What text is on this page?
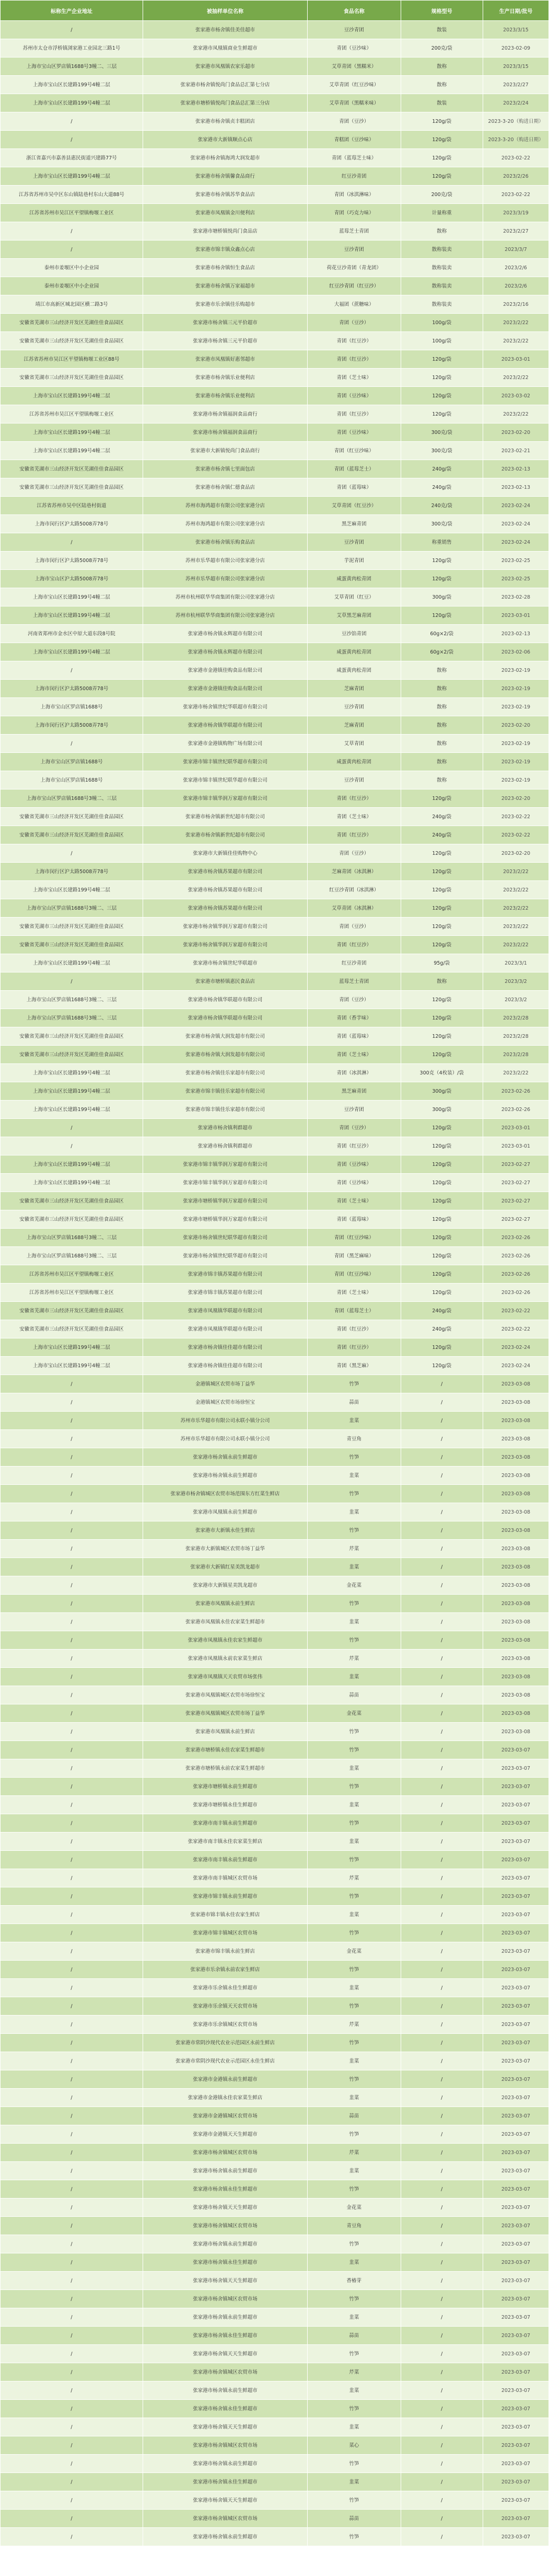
标称生产企业地址	被抽样单位名称	食品名称	规格型号	生产日期/批号
/	张家港市杨舍镇佳美佳超市	豆沙青团	散装	2023/3/15
苏州市太仓市浮桥镇浏家港工业园北三路1号	张家港市凤凰镇商业生鲜超市	青团（豆沙味）	200克/袋	2023-02-09
上海市宝山区罗店镇1688号3幢二、三层	张家港市凤凰镇农家乐超市	艾草青团（黑糯米）	散称	2023/3/15
上海市宝山区长建路199号4幢二层	张家港市杨舍镇悦尚门食品总汇第七分店	艾草青团（红豆沙味）	散称	2023/2/27
上海市宝山区长建路199号4幢二层	张家港市塘桥镇悦尚门食品总汇第三分店	艾草青团（黑糯米味）	散装	2023/2/24
/	张家港市杨舍镇贞丰糕团店	青团（豆沙）	120g/袋	2023-3-20（购进日期）
/	张家港市大新镇顺点心店	青糕团（豆沙味）	120g/袋	2023-3-20（购进日期）
浙江省嘉兴市嘉善县惠民街道兴建路77号	张家港市杨舍镇海鸿大润发超市	青团（蓝莓芝士味）	120g/袋	2023-02-22
上海市宝山区长建路199号4幢二层	张家港市杨舍镇馨食品商行	红豆沙青团	120g/袋	2023/2/26
江苏省苏州市吴中区东山镇陆巷村东山大道88号	张家港市杨舍镇苏华食品店	青团（冰淇淋味）	200克/袋	2023-02-22
江苏省苏州市吴江区平望镇梅堰工业区	张家港市凤凰镇金川便利店	青团（巧克力味）	计量称重	2023/3/19
/	张家港市塘桥镇悦尚门食品店	蓝莓芝士青团	散称	2023/2/27
/	张家港市锦丰镇众鑫点心店	豆沙青团	散称装卖	2023/3/7
泰州市姜堰区中小企业园	张家港市杨舍镇恒生食品店	荷花豆沙青团（青龙团）	散称装卖	2023/2/6
泰州市姜堰区中小企业园	张家港市杨舍镇万家福超市	红豆沙青团（红豆沙）	散称装卖	2023/2/6
靖江市高新区城北园区横二路3号	张家港市乐余镇佳乐购超市	大福团（蔗糖味）	散称装卖	2023/2/16
安徽省芜湖市三山经济开发区芜湖佳佳食品园区	张家港市杨舍镇三元平价超市	青团（豆沙）	100g/袋	2023/2/22
安徽省芜湖市三山经济开发区芜湖佳佳食品园区	张家港市杨舍镇三元平价超市	青团（红豆沙）	100g/袋	2023/2/22
江苏省苏州市吴江区平望镇梅堰工业区88号	张家港市凤凰镇好惠邻超市	青团（红豆沙）	120g/袋	2023-03-01
安徽省芜湖市三山经济开发区芜湖佳佳食品园区	张家港市杨舍镇乐业便利店	青团（芝士味）	120g/袋	2023/2/22
上海市宝山区长建路199号4幢二层	张家港市杨舍镇乐业便利店	青团（豆沙味）	120g/袋	2023-03-02
江苏省苏州市吴江区平望镇梅堰工业区	张家港市杨舍镇福润食品商行	青团（红豆沙）	120g/袋	2023/2/22
上海市宝山区长建路199号4幢二层	张家港市杨舍镇福润食品商行	青团（豆沙味）	300克/袋	2023-02-20
上海市宝山区长建路199号4幢二层	张家港市大新镇悦尚门食品商行	青团（红豆沙味）	300克/袋	2023-02-21
安徽省芜湖市三山经济开发区芜湖佳佳食品园区	张家港市杨舍镇七里面包店	青团（蓝莓芝士）	240g/袋	2023-02-13
安徽省芜湖市三山经济开发区芜湖佳佳食品园区	张家港市杨舍镇仁德食品店	青团（蓝莓味）	240g/袋	2023-02-13
江苏省苏州市吴中区陆巷村街道	苏州市海鸿超市有限公司张家港分店	艾草青团（红豆沙）	240克/袋	2023-02-24
上海市闵行区沪太路5008弄78号	苏州市海鸿超市有限公司张家港分店	黑芝麻青团	300克/袋	2023-02-24
/	张家港市杨舍镇乐购食品店	豆沙青团	称重销售	2023-02-24
上海市闵行区沪太路5008弄78号	苏州市乐华超市有限公司张家港分店	芋泥青团	120g/袋	2023-02-25
上海市宝山区沪太路5008弄78号	苏州市乐华超市有限公司张家港分店	咸蛋黄肉松青团	120g/袋	2023-02-25
上海市宝山区长建路199号4幢二层	苏州市杭州联华华商集团有限公司张家港分店	艾草青团（红豆）	300g/袋	2023-02-28
上海市宝山区长建路199号4幢二层	苏州市杭州联华华商集团有限公司张家港分店	艾草黑芝麻青团	120g/袋	2023-03-01
河南省郑州市金水区中原大道东段8号院	张家港市杨舍镇永辉超市有限公司	豆沙馅青团	60g×2/袋	2023-02-13
上海市宝山区长建路199号4幢二层	张家港市杨舍镇永辉超市有限公司	咸蛋黄肉松青团	60g×2/袋	2023-02-06
/	张家港市金港镇佳购食品有限公司	咸蛋黄肉松青团	散称	2023-02-19
上海市闵行区沪太路5008弄78号	张家港市金港镇佳购食品有限公司	芝麻青团	散称	2023-02-19
上海市宝山区罗店镇1688号	张家港市杨舍镇世纪华联超市有限公司	豆沙青团	散称	2023-02-19
上海市闵行区沪太路5008弄78号	张家港市杨舍镇华联超市有限公司	芝麻青团	散称	2023-02-20
/	张家港市金港镇购物广场有限公司	艾草青团	散称	2023-02-19
上海市宝山区罗店镇1688号	张家港市锦丰镇世纪联华超市有限公司	咸蛋黄肉松青团	散称	2023-02-19
上海市宝山区罗店镇1688号	张家港市锦丰镇世纪联华超市有限公司	豆沙青团	散称	2023-02-19
上海市宝山区罗店镇1688号3幢二、三层	张家港市锦丰镇华润万家超市有限公司	青团（红豆沙）	120g/袋	2023-02-20
安徽省芜湖市三山经济开发区芜湖佳佳食品园区	张家港市杨舍镇新世纪超市有限公司	青团（芝士味）	240g/袋	2023-02-22
安徽省芜湖市三山经济开发区芜湖佳佳食品园区	张家港市杨舍镇新世纪超市有限公司	青团（红豆沙）	240g/袋	2023-02-22
/	张家港市大新镇佳佳购物中心	青团（豆沙）	120g/袋	2023-02-20
上海市闵行区沪太路5008弄78号	张家港市杨舍镇苏果超市有限公司	芝麻青团（冰淇淋）	120g/袋	2023/2/22
上海市宝山区长建路199号4幢二层	张家港市杨舍镇苏果超市有限公司	红豆沙青团（冰淇淋）	120g/袋	2023/2/22
上海市宝山区罗店镇1688号3幢二、三层	张家港市杨舍镇苏果超市有限公司	艾草青团（冰淇淋）	120g/袋	2023/2/22
安徽省芜湖市三山经济开发区芜湖佳佳食品园区	张家港市杨舍镇华润万家超市有限公司	青团（豆沙）	120g/袋	2023/2/22
安徽省芜湖市三山经济开发区芜湖佳佳食品园区	张家港市杨舍镇华润万家超市有限公司	青团（红豆沙）	120g/袋	2023/2/22
上海市宝山区长建路199号4幢二层	张家港市杨舍镇世纪华联超市	红豆沙青团	95g/袋	2023/3/1
/	张家港市塘桥镇惠民食品店	蓝莓芝士青团	散称	2023/3/2
上海市宝山区罗店镇1688号3幢二、三层	张家港市杨舍镇华联超市有限公司	青团（豆沙）	120g/袋	2023/3/2
上海市宝山区罗店镇1688号3幢二、三层	张家港市杨舍镇华联超市有限公司	青团（香芋味）	120g/袋	2023/2/28
安徽省芜湖市三山经济开发区芜湖佳佳食品园区	张家港市杨舍镇大润发超市有限公司	青团（蓝莓味）	120g/袋	2023/2/28
安徽省芜湖市三山经济开发区芜湖佳佳食品园区	张家港市杨舍镇大润发超市有限公司	青团（芝士味）	120g/袋	2023/2/28
上海市宝山区长建路199号4幢二层	张家港市杨舍镇佳乐家超市有限公司	青团（冰淇淋）	300克（4枚装）/袋	2023/2/22
上海市宝山区长建路199号4幢二层	张家港市锦丰镇佳乐家超市有限公司	黑芝麻青团	300g/袋	2023-02-26
上海市宝山区长建路199号4幢二层	张家港市锦丰镇佳乐家超市有限公司	豆沙青团	300g/袋	2023-02-26
/	张家港市杨舍镇利群超市	青团（豆沙）	120g/袋	2023-03-01
/	张家港市杨舍镇利群超市	青团（红豆沙）	120g/袋	2023-03-01
上海市宝山区长建路199号4幢二层	张家港市锦丰镇华润万家超市有限公司	青团（豆沙味）	120g/袋	2023-02-27
上海市宝山区长建路199号4幢二层	张家港市锦丰镇华润万家超市有限公司	青团（豆沙味）	120g/袋	2023-02-27
安徽省芜湖市三山经济开发区芜湖佳佳食品园区	张家港市塘桥镇华润万家超市有限公司	青团（芝士味）	120g/袋	2023-02-27
安徽省芜湖市三山经济开发区芜湖佳佳食品园区	张家港市塘桥镇华润万家超市有限公司	青团（蓝莓味）	120g/袋	2023-02-27
上海市宝山区罗店镇1688号3幢二、三层	张家港市杨舍镇世纪联华超市有限公司	青团（红豆沙味）	120g/袋	2023-02-26
上海市宝山区罗店镇1688号3幢二、三层	张家港市杨舍镇世纪联华超市有限公司	青团（黑芝麻味）	120g/袋	2023-02-26
江苏省苏州市吴江区平望镇梅堰工业区	张家港市锦丰镇苏果超市有限公司	青团（红豆沙味）	120g/袋	2023-02-26
江苏省苏州市吴江区平望镇梅堰工业区	张家港市锦丰镇苏果超市有限公司	青团（芝士味）	120g/袋	2023-02-26
安徽省芜湖市三山经济开发区芜湖佳佳食品园区	张家港市凤凰镇华联超市有限公司	青团（蓝莓芝士）	240g/袋	2023-02-22
安徽省芜湖市三山经济开发区芜湖佳佳食品园区	张家港市凤凰镇华联超市有限公司	青团（红豆沙）	240g/袋	2023-02-22
上海市宝山区长建路199号4幢二层	张家港市杨舍镇佳佳超市有限公司	青团（红豆沙）	120g/袋	2023-02-24
上海市宝山区长建路199号4幢二层	张家港市杨舍镇佳佳超市有限公司	青团（黑芝麻）	120g/袋	2023-02-24
/	金港镇城区农贸市场丁益华	竹笋	/	2023-03-08
/	金港镇城区农贸市场徐恒宝	蒜苗	/	2023-03-08
/	苏州市乐华超市有限公司永联小镇分公司	韭菜	/	2023-03-08
/	苏州市乐华超市有限公司永联小镇分公司	青豆角	/	2023-03-08
/	张家港市杨舍镇永前生鲜超市	竹笋	/	2023-03-08
/	张家港市杨舍镇永前生鲜超市	韭菜	/	2023-03-08
/	张家港市杨舍镇城区农贸市场范围东方红菜生鲜店	竹笋	/	2023-03-08
/	张家港市凤凰镇永前生鲜超市	韭菜	/	2023-03-08
/	张家港市大新镇永佳生鲜店	竹笋	/	2023-03-08
/	张家港市大新镇城区农贸市场丁益华	芹菜	/	2023-03-08
/	张家港市大新镇红星美凯龙超市	韭菜	/	2023-03-08
/	张家港市大新镇星美凯龙超市	金花菜	/	2023-03-08
/	张家港市凤凰镇永前生鲜店	竹笋	/	2023-03-08
/	张家港市凤凰镇永佳农家菜生鲜超市	韭菜	/	2023-03-08
/	张家港市凤凰镇永佳农家生鲜超市	竹笋	/	2023-03-08
/	张家港市凤凰镇永前农家菜生鲜店	芹菜	/	2023-03-08
/	张家港市凤凰镇天天农贸市场张伟	韭菜	/	2023-03-08
/	张家港市凤凰镇城区农贸市场徐恒宝	蒜苗	/	2023-03-08
/	张家港市凤凰镇城区农贸市场丁益华	金花菜	/	2023-03-08
/	张家港市凤凰镇永前生鲜店	竹笋	/	2023-03-08
/	张家港市塘桥镇永佳农家菜生鲜超市	竹笋	/	2023-03-07
/	张家港市塘桥镇永前农家菜生鲜超市	韭菜	/	2023-03-07
/	张家港市塘桥镇永前生鲜超市	竹笋	/	2023-03-07
/	张家港市塘桥镇永佳生鲜超市	韭菜	/	2023-03-07
/	张家港市南丰镇永前生鲜超市	竹笋	/	2023-03-07
/	张家港市南丰镇永佳农家菜生鲜店	韭菜	/	2023-03-07
/	张家港市南丰镇永前生鲜超市	竹笋	/	2023-03-07
/	张家港市南丰镇城区农贸市场	芹菜	/	2023-03-07
/	张家港市锦丰镇永前生鲜超市	竹笋	/	2023-03-07
/	张家港市锦丰镇永佳农家生鲜店	韭菜	/	2023-03-07
/	张家港市锦丰镇城区农贸市场	竹笋	/	2023-03-07
/	张家港市锦丰镇永前生鲜店	金花菜	/	2023-03-07
/	张家港市乐余镇永前农家生鲜店	竹笋	/	2023-03-07
/	张家港市乐余镇永佳生鲜超市	韭菜	/	2023-03-07
/	张家港市乐余镇天天农贸市场	竹笋	/	2023-03-07
/	张家港市乐余镇城区农贸市场	芹菜	/	2023-03-07
/	张家港市常阴沙现代农业示范园区永前生鲜店	竹笋	/	2023-03-07
/	张家港市常阴沙现代农业示范园区永佳生鲜店	韭菜	/	2023-03-07
/	张家港市金港镇永前生鲜超市	竹笋	/	2023-03-07
/	张家港市金港镇永佳农家菜生鲜店	韭菜	/	2023-03-07
/	张家港市金港镇城区农贸市场	蒜苗	/	2023-03-07
/	张家港市金港镇天天生鲜超市	竹笋	/	2023-03-07
/	张家港市杨舍镇城区农贸市场	芹菜	/	2023-03-07
/	张家港市杨舍镇永前生鲜超市	韭菜	/	2023-03-07
/	张家港市杨舍镇永佳生鲜超市	竹笋	/	2023-03-07
/	张家港市杨舍镇天天生鲜超市	金花菜	/	2023-03-07
/	张家港市杨舍镇城区农贸市场	青豆角	/	2023-03-07
/	张家港市杨舍镇永前生鲜超市	竹笋	/	2023-03-07
/	张家港市杨舍镇永佳生鲜超市	韭菜	/	2023-03-07
/	张家港市杨舍镇天天生鲜超市	香椿芽	/	2023-03-07
/	张家港市杨舍镇城区农贸市场	竹笋	/	2023-03-07
/	张家港市杨舍镇永前生鲜超市	韭菜	/	2023-03-07
/	张家港市杨舍镇永佳生鲜超市	蒜苗	/	2023-03-07
/	张家港市杨舍镇天天生鲜超市	竹笋	/	2023-03-07
/	张家港市杨舍镇城区农贸市场	芹菜	/	2023-03-07
/	张家港市杨舍镇永前生鲜超市	韭菜	/	2023-03-07
/	张家港市杨舍镇永佳生鲜超市	竹笋	/	2023-03-07
/	张家港市杨舍镇天天生鲜超市	韭菜	/	2023-03-07
/	张家港市杨舍镇城区农贸市场	菜心	/	2023-03-07
/	张家港市杨舍镇永前生鲜超市	竹笋	/	2023-03-07
/	张家港市杨舍镇永佳生鲜超市	韭菜	/	2023-03-07
/	张家港市杨舍镇天天生鲜超市	竹笋	/	2023-03-07
/	张家港市杨舍镇城区农贸市场	蒜苗	/	2023-03-07
/	张家港市杨舍镇永前生鲜超市	竹笋	/	2023-03-07
